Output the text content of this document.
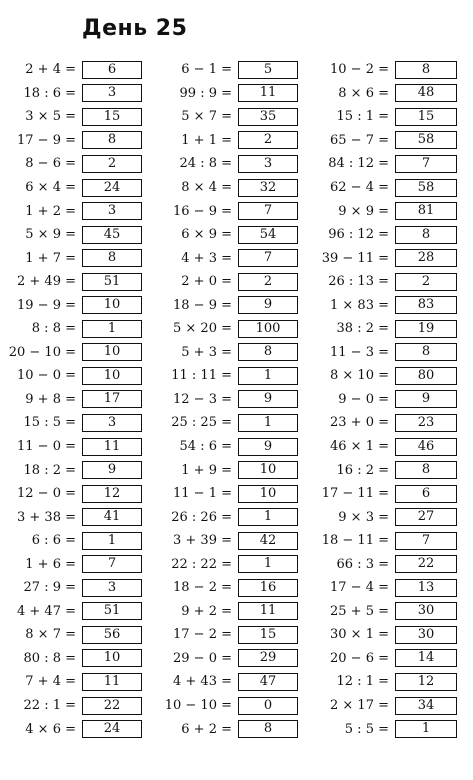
День 25
2 + 4 =	6
18 : 6 =	3
3 × 5 =	15
17 − 9 =	8
8 − 6 =	2
6 × 4 =	24
1 + 2 =	3
5 × 9 =	45
1 + 7 =	8
2 + 49 =	51
19 − 9 =	10
8 : 8 =	1
20 − 10 =	10
10 − 0 =	10
9 + 8 =	17
15 : 5 =	3
11 − 0 =	11
18 : 2 =	9
12 − 0 =	12
3 + 38 =	41
6 : 6 =	1
1 + 6 =	7
27 : 9 =	3
4 + 47 =	51
8 × 7 =	56
80 : 8 =	10
7 + 4 =	11
22 : 1 =	22
4 × 6 =	24
6 − 1 =	5
99 : 9 =	11
5 × 7 =	35
1 + 1 =	2
24 : 8 =	3
8 × 4 =	32
16 − 9 =	7
6 × 9 =	54
4 + 3 =	7
2 + 0 =	2
18 − 9 =	9
5 × 20 =	100
5 + 3 =	8
11 : 11 =	1
12 − 3 =	9
25 : 25 =	1
54 : 6 =	9
1 + 9 =	10
11 − 1 =	10
26 : 26 =	1
3 + 39 =	42
22 : 22 =	1
18 − 2 =	16
9 + 2 =	11
17 − 2 =	15
29 − 0 =	29
4 + 43 =	47
10 − 10 =	0
6 + 2 =	8
10 − 2 =	8
8 × 6 =	48
15 : 1 =	15
65 − 7 =	58
84 : 12 =	7
62 − 4 =	58
9 × 9 =	81
96 : 12 =	8
39 − 11 =	28
26 : 13 =	2
1 × 83 =	83
38 : 2 =	19
11 − 3 =	8
8 × 10 =	80
9 − 0 =	9
23 + 0 =	23
46 × 1 =	46
16 : 2 =	8
17 − 11 =	6
9 × 3 =	27
18 − 11 =	7
66 : 3 =	22
17 − 4 =	13
25 + 5 =	30
30 × 1 =	30
20 − 6 =	14
12 : 1 =	12
2 × 17 =	34
5 : 5 =	1
